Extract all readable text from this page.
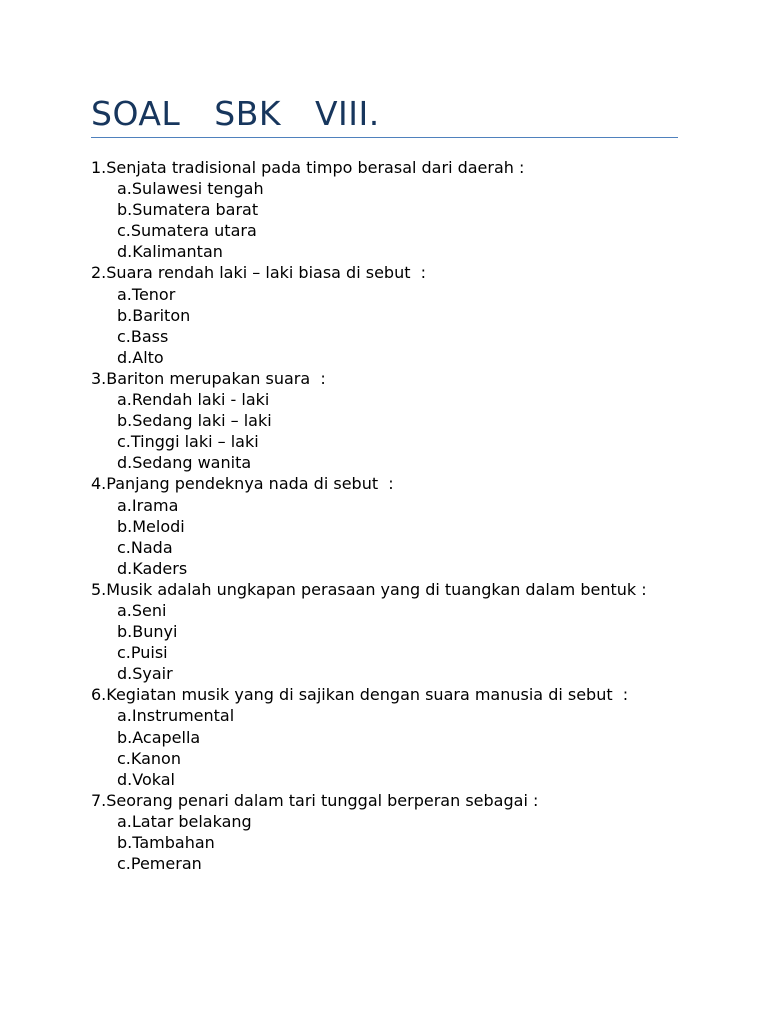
SOAL  SBK  VIII.
1.Senjata tradisional pada timpo berasal dari daerah :
a.Sulawesi tengah
b.Sumatera barat
c.Sumatera utara
d.Kalimantan
2.Suara rendah laki – laki biasa di sebut  :
a.Tenor
b.Bariton
c.Bass
d.Alto
3.Bariton merupakan suara  :
a.Rendah laki - laki
b.Sedang laki – laki
c.Tinggi laki – laki
d.Sedang wanita
4.Panjang pendeknya nada di sebut  :
a.Irama
b.Melodi
c.Nada
d.Kaders
5.Musik adalah ungkapan perasaan yang di tuangkan dalam bentuk :
a.Seni
b.Bunyi
c.Puisi
d.Syair
6.Kegiatan musik yang di sajikan dengan suara manusia di sebut  :
a.Instrumental
b.Acapella
c.Kanon
d.Vokal
7.Seorang penari dalam tari tunggal berperan sebagai :
a.Latar belakang
b.Tambahan
c.Pemeran
